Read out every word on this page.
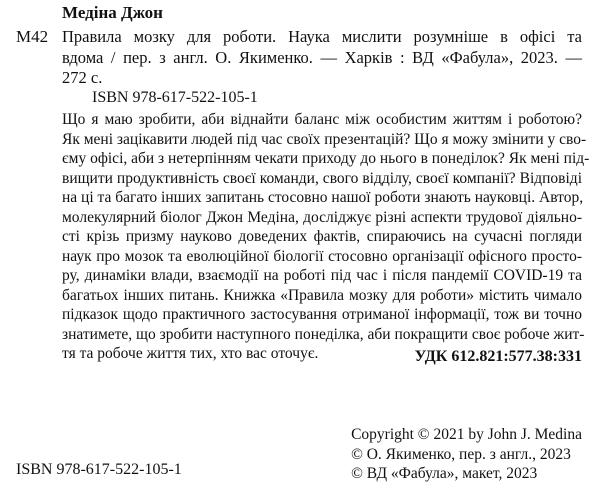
Медіна Джон
М42 Правила мозку для роботи. Наука мислити розумніше в офісі та
вдома / пер. з англ. О. Якименко. — Харків : ВД «Фабула», 2023. —
272 с.
ISBN 978-617-522-105-1
Що я маю зробити, аби віднайти баланс між особистим життям і роботою?
Як мені зацікавити людей під час своїх презентацій? Що я можу змінити у сво-
єму офісі, аби з нетерпінням чекати приходу до нього в понеділок? Як мені під-
вищити продуктивність своєї команди, свого відділу, своєї компанії? Відповіді
на ці та багато інших запитань стосовно нашої роботи знають науковці. Автор,
молекулярний біолог Джон Медіна, досліджує різні аспекти трудової діяльно-
сті крізь призму науково доведених фактів, спираючись на сучасні погляди
наук про мозок та еволюційної біології стосовно організації офісного просто-
ру, динаміки влади, взаємодії на роботі під час і після пандемії COVID-19 та
багатьох інших питань. Книжка «Правила мозку для роботи» містить чимало
підказок щодо практичного застосування отриманої інформації, тож ви точно
знатимете, що зробити наступного понеділка, аби покращити своє робоче жит-
тя та робоче життя тих, хто вас оточує.	УДК 612.821:577.38:331
Copyright © 2021 by John J. Medina
© О. Якименко, пер. з англ., 2023
© ВД «Фабула», макет, 2023
ISBN 978-617-522-105-1
